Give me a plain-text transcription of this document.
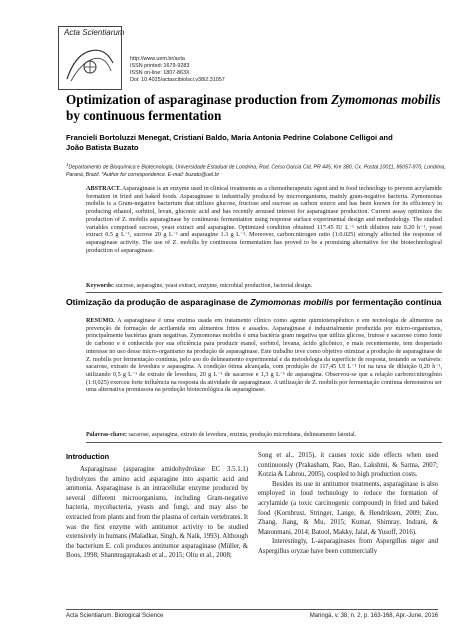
Acta Scientiarum
http://www.uem.br/acta
ISSN printed: 1679-9283
ISSN on-line: 1807-863X
Doi: 10.4025/actascibiolsci.v38i2.31057
Optimization of asparaginase production from Zymomonas mobilis by continuous fermentation
Francieli Bortoluzzi Menegat, Cristiani Baldo, Maria Antonia Pedrine Colabone Celligoi and
João Batista Buzato
$^1$Departamento de Bioquímica e Biotecnologia, Universidade Estadual de Londrina, Rod. Celso Garcia Cid, PR 445, Km 380, Cx. Postal 10011, 86057-970, Londrina, Paraná, Brazil. *Author for correspondence. E-mail: buzato@uel.br

ABSTRACT. Asparaginase is an enzyme used in clinical treatments as a chemotherapeutic agent and in food technology to prevent acrylamide formation in fried and baked foods. Asparaginase is industrially produced by microorganisms, mainly gram-negative bacteria. Zymomonas mobilis is a Gram-negative bacterium that utilizes glucose, fructose and sucrose as carbon source and has been known for its efficiency in producing ethanol, sorbitol, levan, gluconic acid and has recently aroused interest for asparaginase production. Current assay optimizes the production of Z. mobilis asparaginase by continuous fermentation using response surface experimental design and methodology. The studied variables comprised sucrose, yeast extract and asparagine. Optimized condition obtained 117.45 IU L⁻¹ with dilution rate 0.20 h⁻¹, yeast extract 0.5 g L⁻¹, sucrose 20 g L⁻¹ and asparagine 1.3 g L⁻¹. Moreover, carbon:nitrogen ratio (1:0.025) strongly affected the response of asparaginase activity. The use of Z. mobilis by continuous fermentation has proved to be a promising alternative for the biotechnological production of asparaginase.

Keywords: sucrose, asparagine, yeast extract, enzyme, microbial production, factorial design.
Otimização da produção de asparaginase de Zymomonas mobilis por fermentação contínua

RESUMO. A asparaginase é uma enzima usada em tratamento clínico como agente quimioterapêutico e em tecnologia de alimentos na prevenção de formação de acrilamida em alimentos fritos e assados. Asparaginase é industrialmente produzida por micro-organismos, principalmente bactérias gram negativas. Zymomonas mobilis é uma bactéria gram negativa que utiliza glicose, frutose e sacarose como fonte de carbono e é conhecida por sua eficiência para produzir etanol, sorbitol, levana, ácido glicônico, e mais recentemente, tem despertado interesse no uso desse micro-organismo na produção de asparaginase. Este trabalho teve como objetivo otimizar a produção de asparaginase de Z. mobilis por fermentação contínua, pelo uso do delineamento experimental e da metodologia da superfície de resposta, testando as variáveis: sacarose, extrato de levedura e asparagina. A condição ótima alcançada, com produção de 117,45 UI L⁻¹ foi na taxa de diluição 0,20 h⁻¹, utilizando 0,5 g L⁻¹ de extrato de levedura, 20 g L⁻¹ de sacarose e 1,3 g L⁻¹ de asparagina. Observou-se que a relação carbono:nitrogênio (1:0,025) exerceu forte influência na resposta da atividade de asparaginase. A utilização de Z. mobilis por fermentação contínua demonstrou ser uma alternativa promissora na produção biotecnológica da asparaginase.

Palavras-chave: sacarose, asparagina, extrato de levedura, enzima, produção microbiana, delineamento fatorial.
Introduction

Asparaginase (asparagine amidohydrolase EC 3.5.1.1) hydrolyzes the amino acid asparagine into aspartic acid and ammonia. Asparaginase is an intracellular enzyme produced by several different microorganisms, including Gram-negative bacteria, mycobacteria, yeasts and fungi, and may also be extracted from plants and from the plasma of certain vertebrates. It was the first enzyme with antitumor activity to be studied extensively in humans (Maladkar, Singh, & Naik, 1993). Although the bacterium E. coli produces antitumor asparaginase (Müller, & Boos, 1998; Shanmugaprakash et al., 2015; Oltu et al., 2008;

Song et al., 2015), it causes toxic side effects when used continuously (Prakasham, Rao, Rao, Lakshmi, & Sarma, 2007; Kotzia & Labrou, 2005), coupled to high production costs.

Besides its use in antitumor treatments, asparaginase is also employed in food technology to reduce the formation of acrylamide (a toxic carcinogenic compound) in fried and baked food (Kornbrust, Stringer, Lange, & Hendriksen, 2009; Zuo, Zhang, Jiang, & Mu, 2015; Kumar, Shimray, Indrani, & Manonmani, 2014; Batool, Makky, Jalal, & Yusoff, 2016).

Interestingly, L-asparaginases from Aspergillus niger and Aspergillus oryzae have been commercially

Acta Scientiarum. Biological Science	Maringá, v. 38, n. 2, p. 163-168, Apr.-June, 2016
